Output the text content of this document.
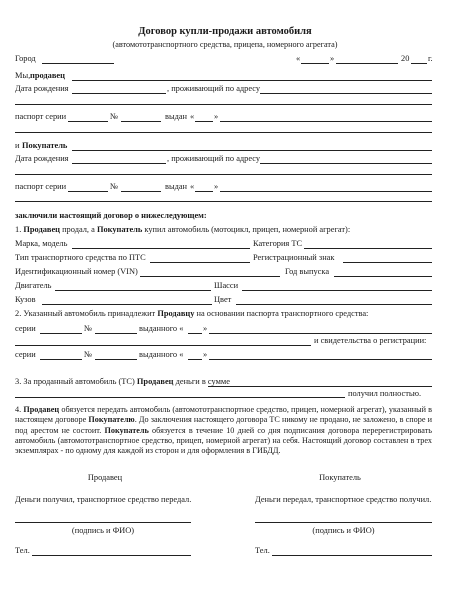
Договор купли-продажи автомобиля
(автомототранспортного средства, прицепа, номерного агрегата)
Город	«	»	20 г.
Мы, продавец
Дата рождения	, проживающий по адресу
паспорт серии	№	выдан « »
и Покупатель
Дата рождения	, проживающий по адресу
паспорт серии	№	выдан « »
заключили настоящий договор о нижеследующем:
1. Продавец продал, а Покупатель купил автомобиль (мотоцикл, прицеп, номерной агрегат):
Марка, модель	Категория ТС
Тип транспортного средства по ПТС	Регистрационный знак
Идентификационный номер (VIN)	Год выпуска
Двигатель	Шасси
Кузов	Цвет
2. Указанный автомобиль принадлежит Продавцу на основании паспорта транспортного средства:
серии	№	выданного « »
и свидетельства о регистрации:
серии	№	выданного « »
3. За проданный автомобиль (ТС) Продавец деньги в сумме
получил полностью.
4. Продавец обязуется передать автомобиль (автомототранспортное средство, прицеп, номерной агрегат), указанный в настоящем договоре Покупателю. До заключения настоящего договора ТС никому не продано, не заложено, в споре и под арестом не состоит. Покупатель обязуется в течение 10 дней со дня подписания договора перерегистрировать автомобиль (автомототранспортное средство, прицеп, номерной агрегат) на себя. Настоящий договор составлен в трех экземплярах - по одному для каждой из сторон и для оформления в ГИБДД.
Продавец
Деньги получил, транспортное средство передал.
(подпись и ФИО)
Тел.
Покупатель
Деньги передал, транспортное средство получил.
(подпись и ФИО)
Тел.
